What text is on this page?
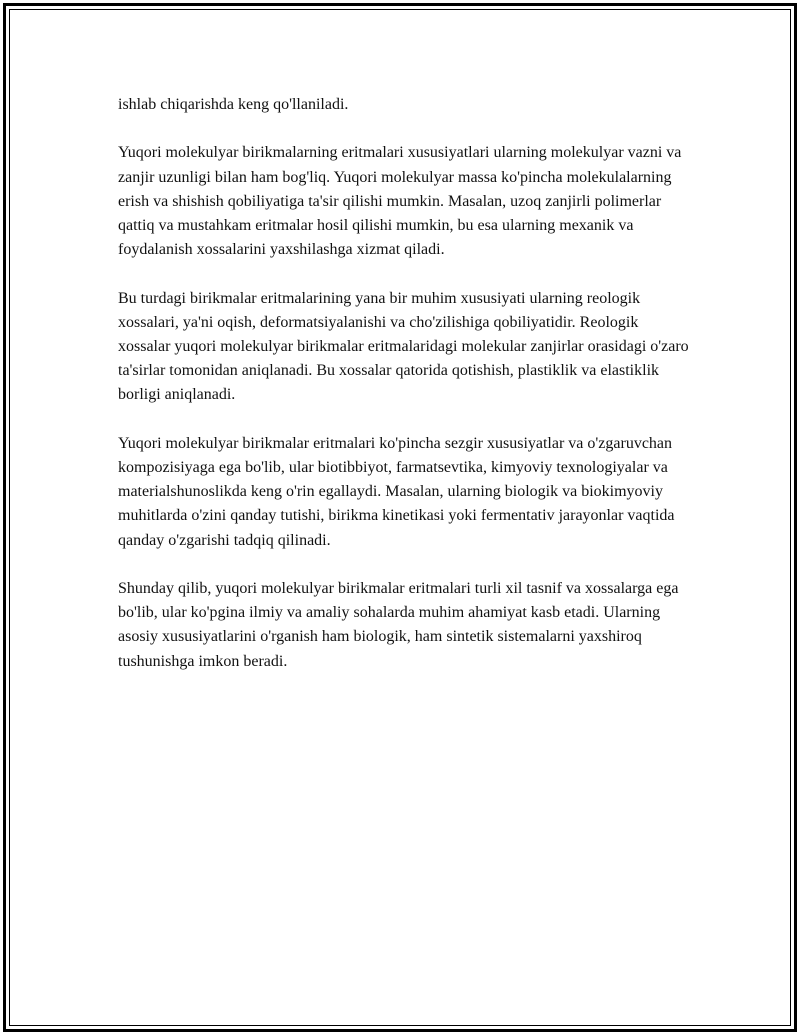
ishlab chiqarishda keng qo'llaniladi.

Yuqori molekulyar birikmalarning eritmalari xususiyatlari ularning molekulyar vazni va zanjir uzunligi bilan ham bog'liq. Yuqori molekulyar massa ko'pincha molekulalarning erish va shishish qobiliyatiga ta'sir qilishi mumkin. Masalan, uzoq zanjirli polimerlar qattiq va mustahkam eritmalar hosil qilishi mumkin, bu esa ularning mexanik va foydalanish xossalarini yaxshilashga xizmat qiladi.

Bu turdagi birikmalar eritmalarining yana bir muhim xususiyati ularning reologik xossalari, ya'ni oqish, deformatsiyalanishi va cho'zilishiga qobiliyatidir. Reologik xossalar yuqori molekulyar birikmalar eritmalaridagi molekular zanjirlar orasidagi o'zaro ta'sirlar tomonidan aniqlanadi. Bu xossalar qatorida qotishish, plastiklik va elastiklik borligi aniqlanadi.

Yuqori molekulyar birikmalar eritmalari ko'pincha sezgir xususiyatlar va o'zgaruvchan kompozisiyaga ega bo'lib, ular biotibbiyot, farmatsevtika, kimyoviy texnologiyalar va materialshunoslikda keng o'rin egallaydi. Masalan, ularning biologik va biokimyoviy muhitlarda o'zini qanday tutishi, birikma kinetikasi yoki fermentativ jarayonlar vaqtida qanday o'zgarishi tadqiq qilinadi.

Shunday qilib, yuqori molekulyar birikmalar eritmalari turli xil tasnif va xossalarga ega bo'lib, ular ko'pgina ilmiy va amaliy sohalarda muhim ahamiyat kasb etadi. Ularning asosiy xususiyatlarini o'rganish ham biologik, ham sintetik sistemalarni yaxshiroq tushunishga imkon beradi.
